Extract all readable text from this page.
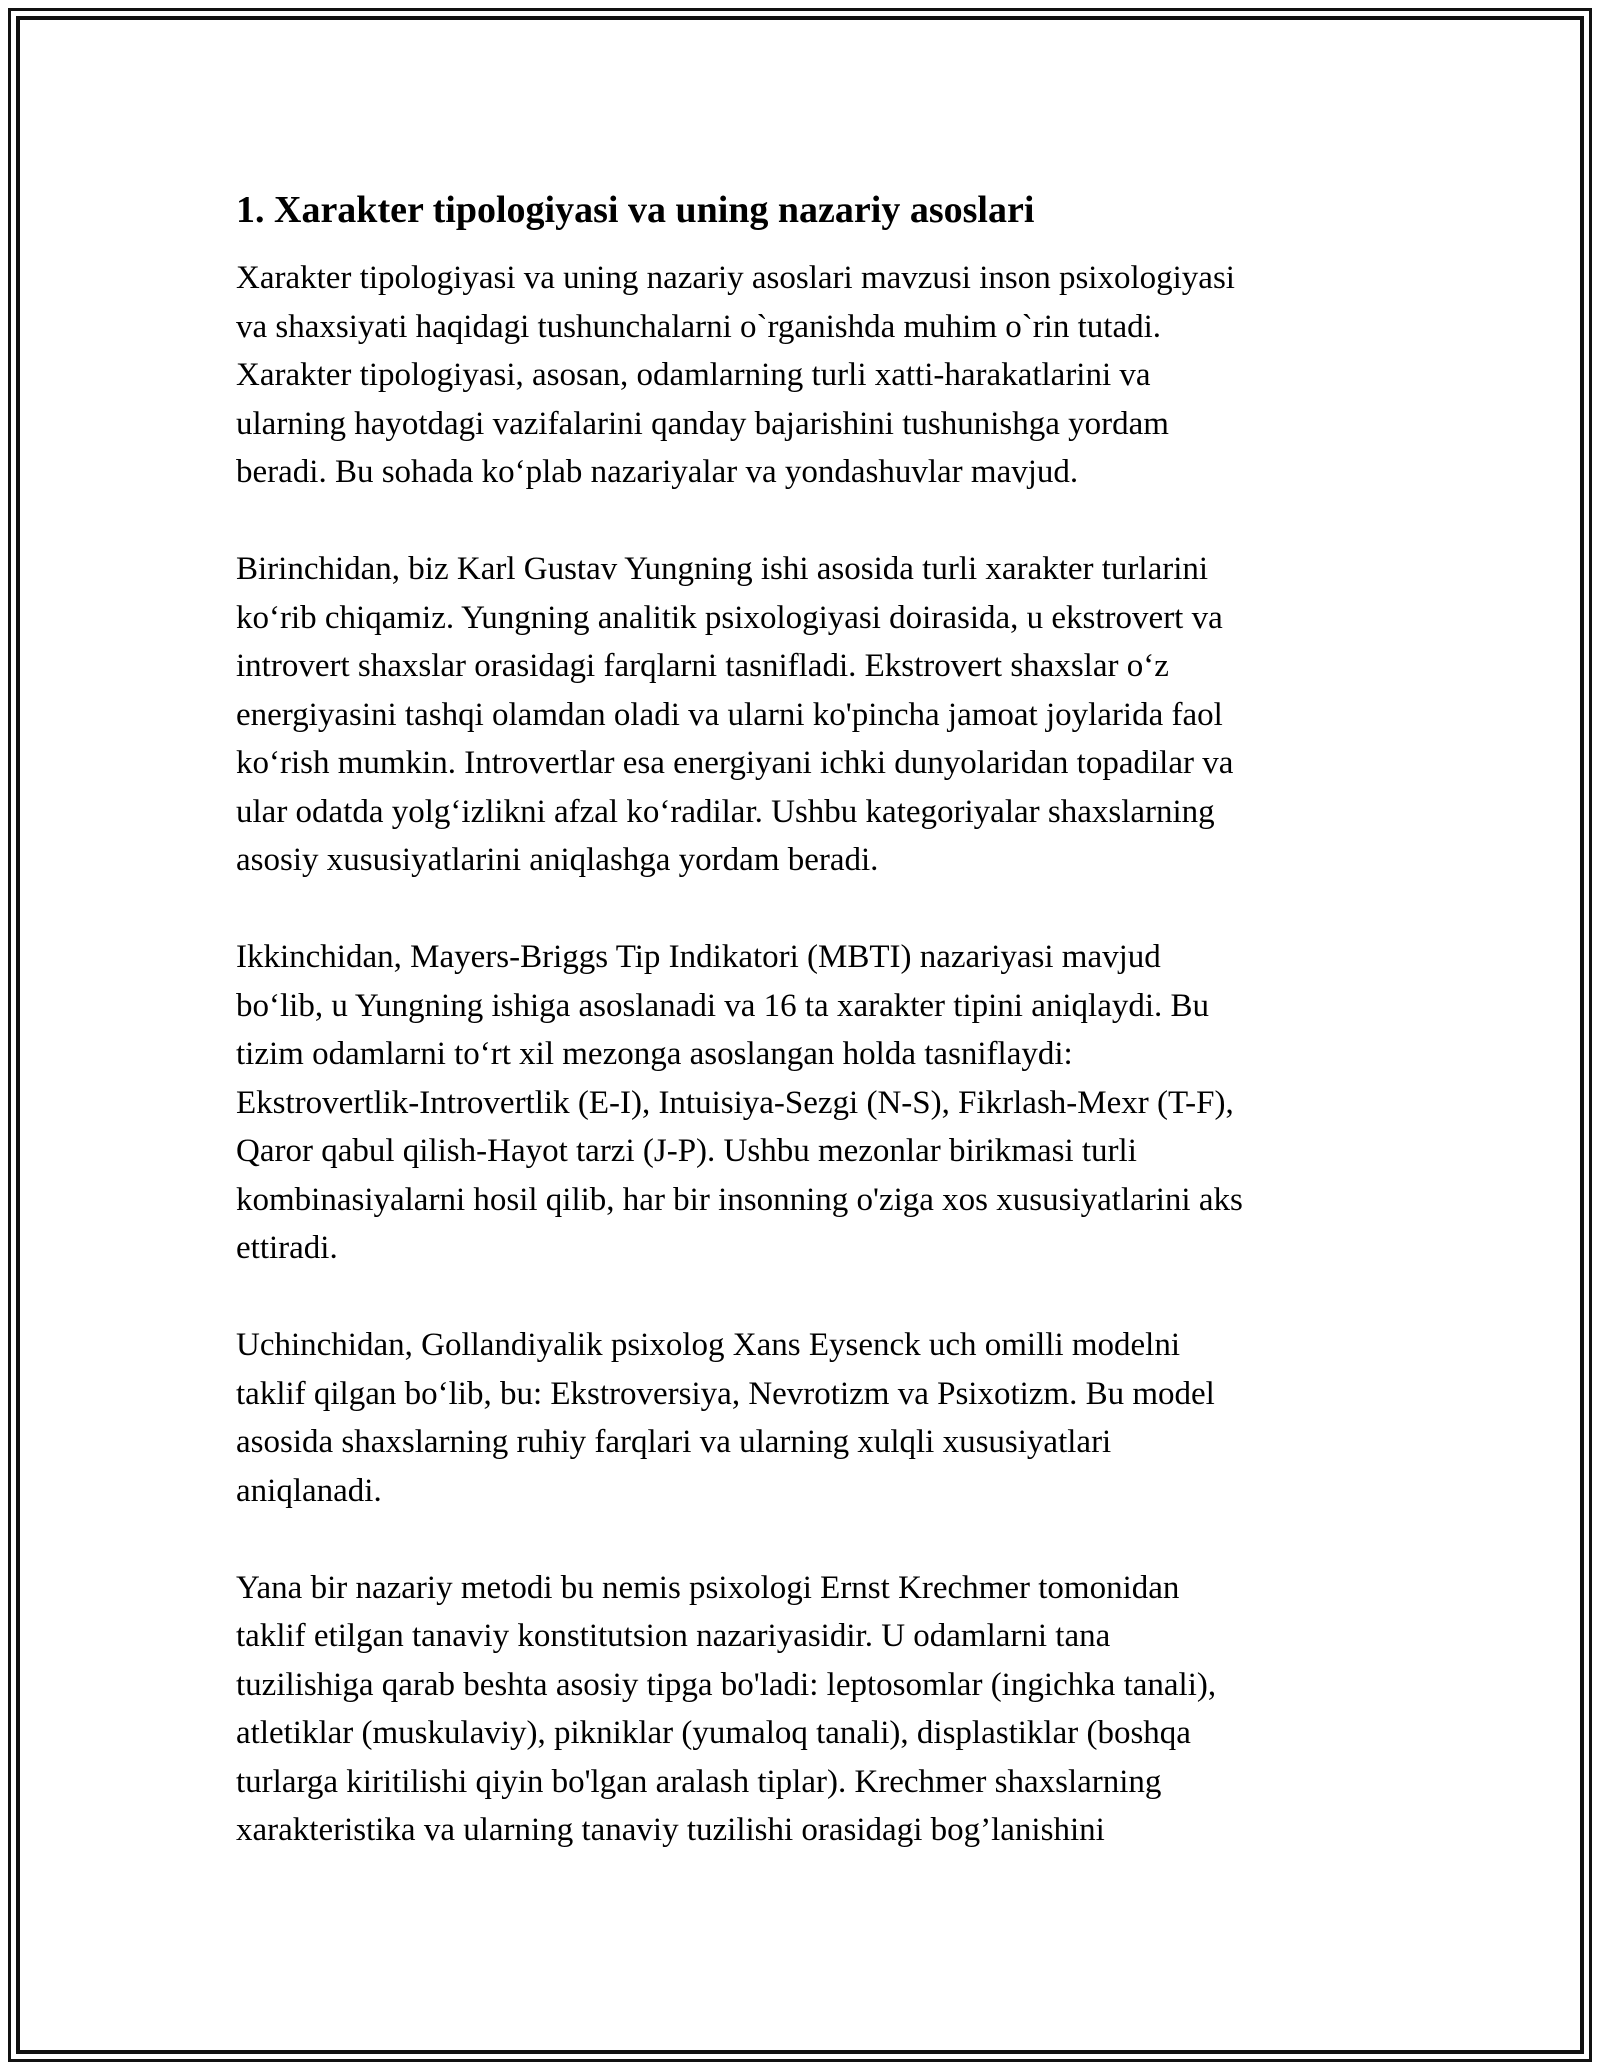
1. Xarakter tipologiyasi va uning nazariy asoslari

Xarakter tipologiyasi va uning nazariy asoslari mavzusi inson psixologiyasi
va shaxsiyati haqidagi tushunchalarni o`rganishda muhim o`rin tutadi.
Xarakter tipologiyasi, asosan, odamlarning turli xatti-harakatlarini va
ularning hayotdagi vazifalarini qanday bajarishini tushunishga yordam
beradi. Bu sohada koʻplab nazariyalar va yondashuvlar mavjud.

Birinchidan, biz Karl Gustav Yungning ishi asosida turli xarakter turlarini
koʻrib chiqamiz. Yungning analitik psixologiyasi doirasida, u ekstrovert va
introvert shaxslar orasidagi farqlarni tasnifladi. Ekstrovert shaxslar oʻz
energiyasini tashqi olamdan oladi va ularni ko'pincha jamoat joylarida faol
koʻrish mumkin. Introvertlar esa energiyani ichki dunyolaridan topadilar va
ular odatda yolgʻizlikni afzal koʻradilar. Ushbu kategoriyalar shaxslarning
asosiy xususiyatlarini aniqlashga yordam beradi.

Ikkinchidan, Mayers-Briggs Tip Indikatori (MBTI) nazariyasi mavjud
boʻlib, u Yungning ishiga asoslanadi va 16 ta xarakter tipini aniqlaydi. Bu
tizim odamlarni toʻrt xil mezonga asoslangan holda tasniflaydi:
Ekstrovertlik-Introvertlik (E-I), Intuisiya-Sezgi (N-S), Fikrlash-Mexr (T-F),
Qaror qabul qilish-Hayot tarzi (J-P). Ushbu mezonlar birikmasi turli
kombinasiyalarni hosil qilib, har bir insonning o'ziga xos xususiyatlarini aks
ettiradi.

Uchinchidan, Gollandiyalik psixolog Xans Eysenck uch omilli modelni
taklif qilgan boʻlib, bu: Ekstroversiya, Nevrotizm va Psixotizm. Bu model
asosida shaxslarning ruhiy farqlari va ularning xulqli xususiyatlari
aniqlanadi.

Yana bir nazariy metodi bu nemis psixologi Ernst Krechmer tomonidan
taklif etilgan tanaviy konstitutsion nazariyasidir. U odamlarni tana
tuzilishiga qarab beshta asosiy tipga bo'ladi: leptosomlar (ingichka tanali),
atletiklar (muskulaviy), pikniklar (yumaloq tanali), displastiklar (boshqa
turlarga kiritilishi qiyin bo'lgan aralash tiplar). Krechmer shaxslarning
xarakteristika va ularning tanaviy tuzilishi orasidagi bog’lanishini
